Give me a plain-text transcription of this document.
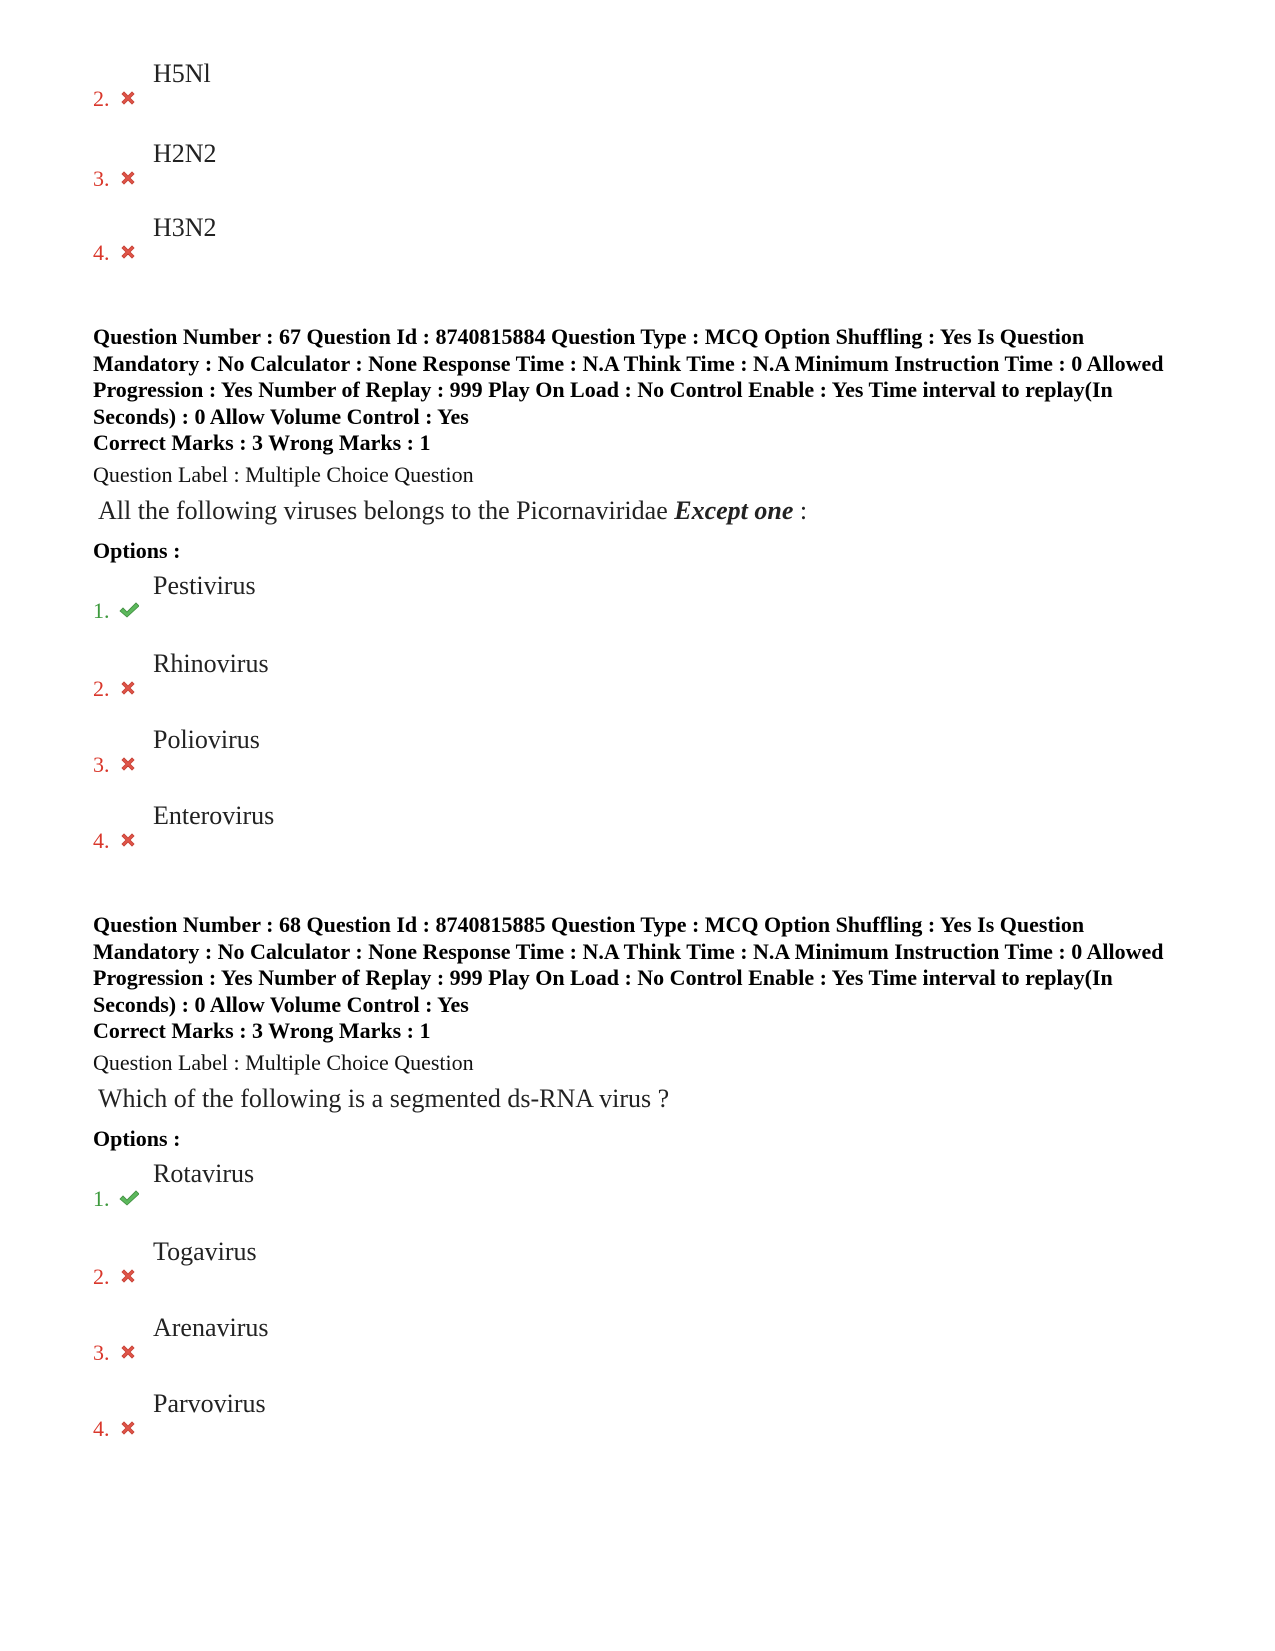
2.
H5Nl
3.
H2N2
4.
H3N2
Question Number : 67 Question Id : 8740815884 Question Type : MCQ Option Shuffling : Yes Is Question Mandatory : No Calculator : None Response Time : N.A Think Time : N.A Minimum Instruction Time : 0 Allowed Progression : Yes Number of Replay : 999 Play On Load : No Control Enable : Yes Time interval to replay(In Seconds) : 0 Allow Volume Control : Yes
Correct Marks : 3 Wrong Marks : 1
Question Label : Multiple Choice Question
All the following viruses belongs to the Picornaviridae Except one :
Options :
1.
Pestivirus
2.
Rhinovirus
3.
Poliovirus
4.
Enterovirus
Question Number : 68 Question Id : 8740815885 Question Type : MCQ Option Shuffling : Yes Is Question Mandatory : No Calculator : None Response Time : N.A Think Time : N.A Minimum Instruction Time : 0 Allowed Progression : Yes Number of Replay : 999 Play On Load : No Control Enable : Yes Time interval to replay(In Seconds) : 0 Allow Volume Control : Yes
Correct Marks : 3 Wrong Marks : 1
Question Label : Multiple Choice Question
Which of the following is a segmented ds-RNA virus ?
Options :
1.
Rotavirus
2.
Togavirus
3.
Arenavirus
4.
Parvovirus
